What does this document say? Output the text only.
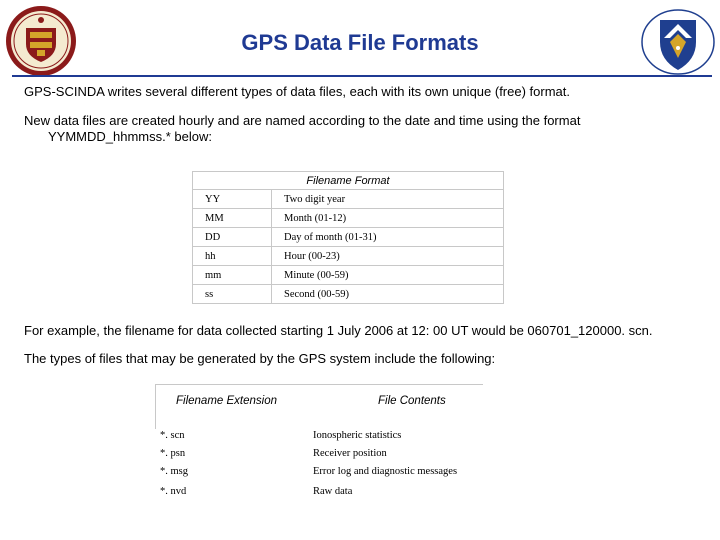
GPS Data File Formats
GPS-SCINDA writes several different types of data files, each with its own unique (free) format.
New data files are created hourly and are named according to the date and time using the format
YYMMDD_hhmmss.* below:
Filename Format	
YY	Two digit year
MM	Month (01-12)
DD	Day of month (01-31)
hh	Hour (00-23)
mm	Minute (00-59)
ss	Second (00-59)
For example, the filename for data collected starting 1 July 2006 at 12: 00 UT would be 060701_120000. scn.
The types of files that may be generated by the GPS system include the following:
Filename Extension	File Contents
*. scn	Ionospheric statistics
*. psn	Receiver position
*. msg	Error log and diagnostic messages
*. nvd	Raw data
